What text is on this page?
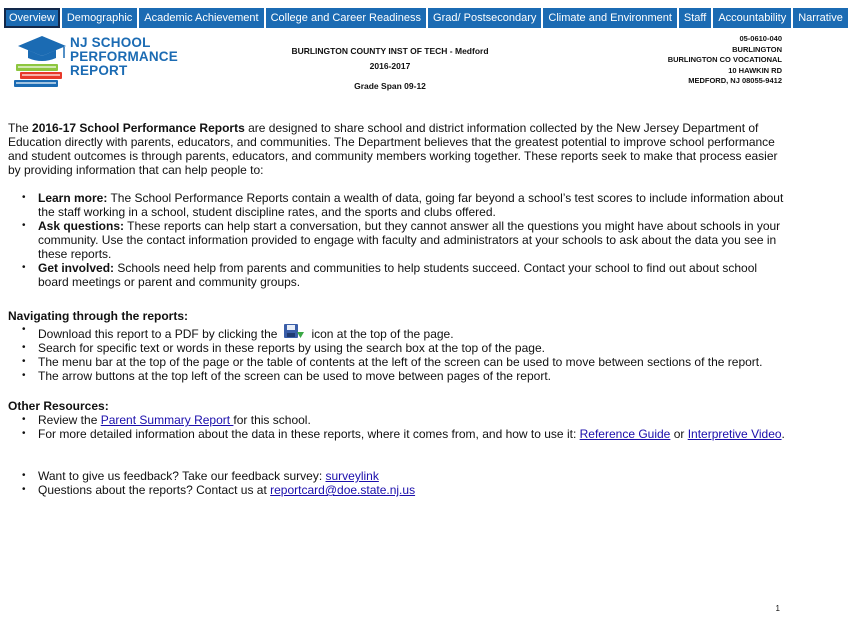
Overview	Demographic	Academic Achievement	College and Career Readiness	Grad/ Postsecondary	Climate and Environment	Staff	Accountability	Narrative
NJ SCHOOL
PERFORMANCE
REPORT
BURLINGTON COUNTY INST OF TECH - Medford
2016-2017
Grade Span 09-12
05-0610-040
BURLINGTON
BURLINGTON CO VOCATIONAL
10 HAWKIN RD
MEDFORD, NJ 08055-9412

The 2016-17 School Performance Reports are designed to share school and district information collected by the New Jersey Department of Education directly with parents, educators, and communities. The Department believes that the greatest potential to improve school performance and student outcomes is through parents, educators, and community members working together. These reports seek to make that process easier by providing information that can help people to:

• Learn more: The School Performance Reports contain a wealth of data, going far beyond a school’s test scores to include information about the staff working in a school, student discipline rates, and the sports and clubs offered.
• Ask questions: These reports can help start a conversation, but they cannot answer all the questions you might have about schools in your community. Use the contact information provided to engage with faculty and administrators at your schools to ask about the data you see in these reports.
• Get involved: Schools need help from parents and communities to help students succeed. Contact your school to find out about school board meetings or parent and community groups.
Navigating through the reports:
• Download this report to a PDF by clicking the	icon at the top of the page.
• Search for specific text or words in these reports by using the search box at the top of the page.
• The menu bar at the top of the page or the table of contents at the left of the screen can be used to move between sections of the report.
• The arrow buttons at the top left of the screen can be used to move between pages of the report.
Other Resources:
• Review the Parent Summary Report for this school.
• For more detailed information about the data in these reports, where it comes from, and how to use it: Reference Guide or Interpretive Video.
• Want to give us feedback? Take our feedback survey: surveylink
• Questions about the reports? Contact us at reportcard@doe.state.nj.us
1
